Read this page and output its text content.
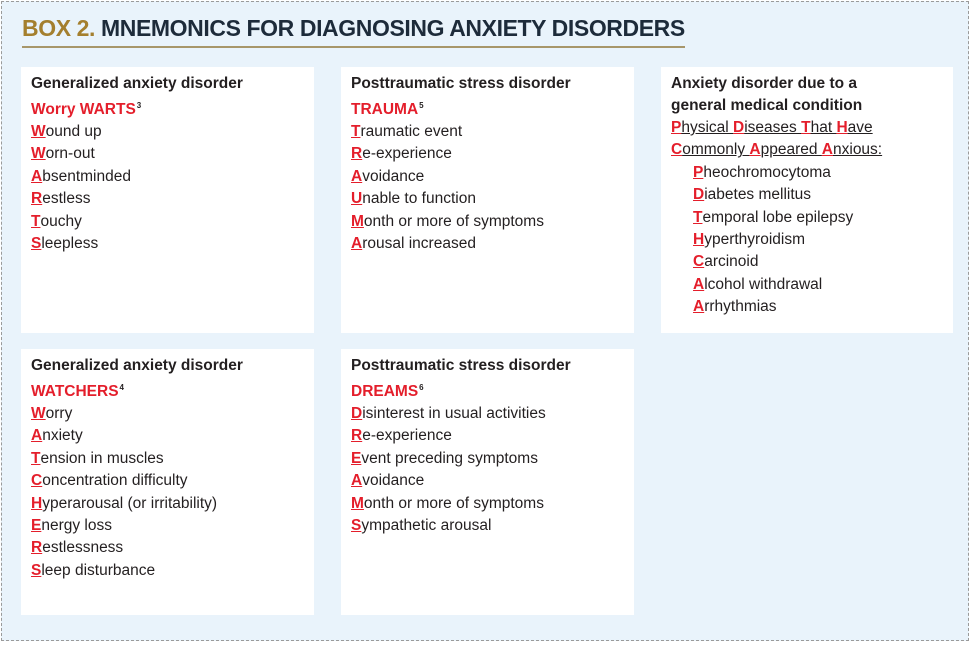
BOX 2. MNEMONICS FOR DIAGNOSING ANXIETY DISORDERS
Generalized anxiety disorder
Worry WARTS$^3$
Wound up
Worn-out
Absentminded
Restless
Touchy
Sleepless
Posttraumatic stress disorder
TRAUMA$^5$
Traumatic event
Re-experience
Avoidance
Unable to function
Month or more of symptoms
Arousal increased
Anxiety disorder due to a
general medical condition
Physical Diseases That Have
Commonly Appeared Anxious:
Pheochromocytoma
Diabetes mellitus
Temporal lobe epilepsy
Hyperthyroidism
Carcinoid
Alcohol withdrawal
Arrhythmias
Generalized anxiety disorder
WATCHERS$^4$
Worry
Anxiety
Tension in muscles
Concentration difficulty
Hyperarousal (or irritability)
Energy loss
Restlessness
Sleep disturbance
Posttraumatic stress disorder
DREAMS$^6$
Disinterest in usual activities
Re-experience
Event preceding symptoms
Avoidance
Month or more of symptoms
Sympathetic arousal
